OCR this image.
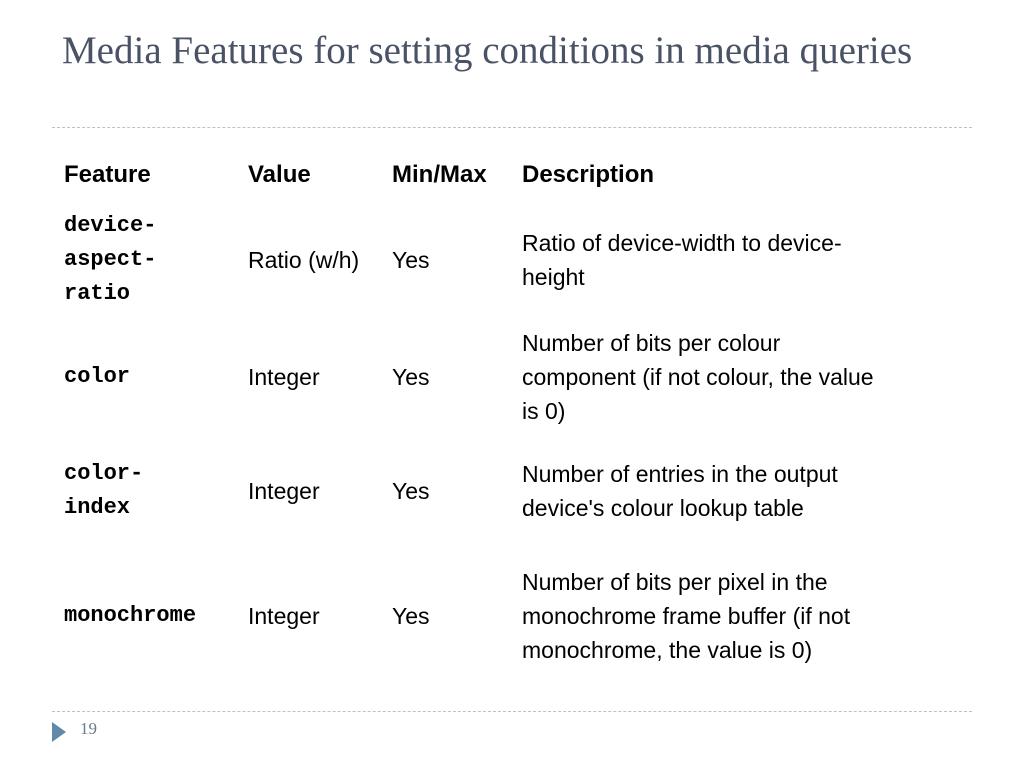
Media Features for setting conditions in media queries
Feature	Value	Min/Max	Description
device-
aspect-
ratio	Ratio (w/h)	Yes	Ratio of device-width to device-height
color	Integer	Yes	Number of bits per colour component (if not colour, the value is 0)
color-
index	Integer	Yes	Number of entries in the output device's colour lookup table
monochrome	Integer	Yes	Number of bits per pixel in the monochrome frame buffer (if not monochrome, the value is 0)
19
